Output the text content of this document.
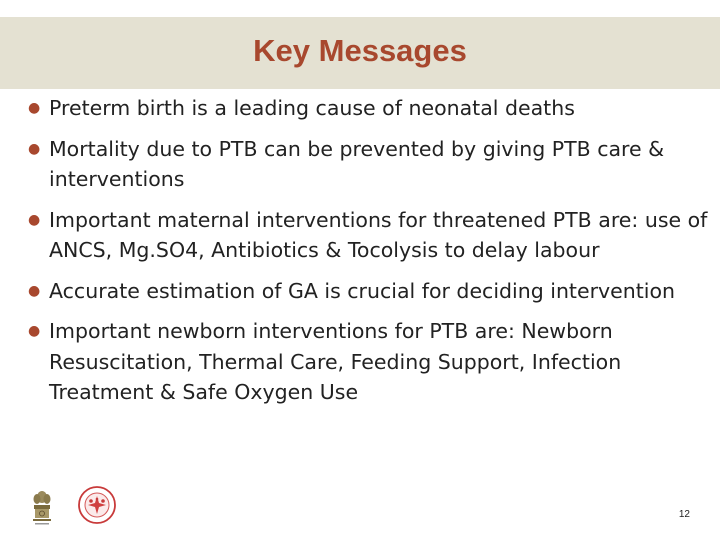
Key Messages
● Preterm birth is a leading cause of neonatal deaths
● Mortality due to PTB can be prevented by giving PTB care & interventions
● Important maternal interventions for threatened PTB are: use of ANCS, Mg.SO4, Antibiotics & Tocolysis to delay labour
● Accurate estimation of GA is crucial for deciding intervention
● Important newborn interventions for PTB are: Newborn Resuscitation, Thermal Care, Feeding Support, Infection Treatment & Safe Oxygen Use
12
